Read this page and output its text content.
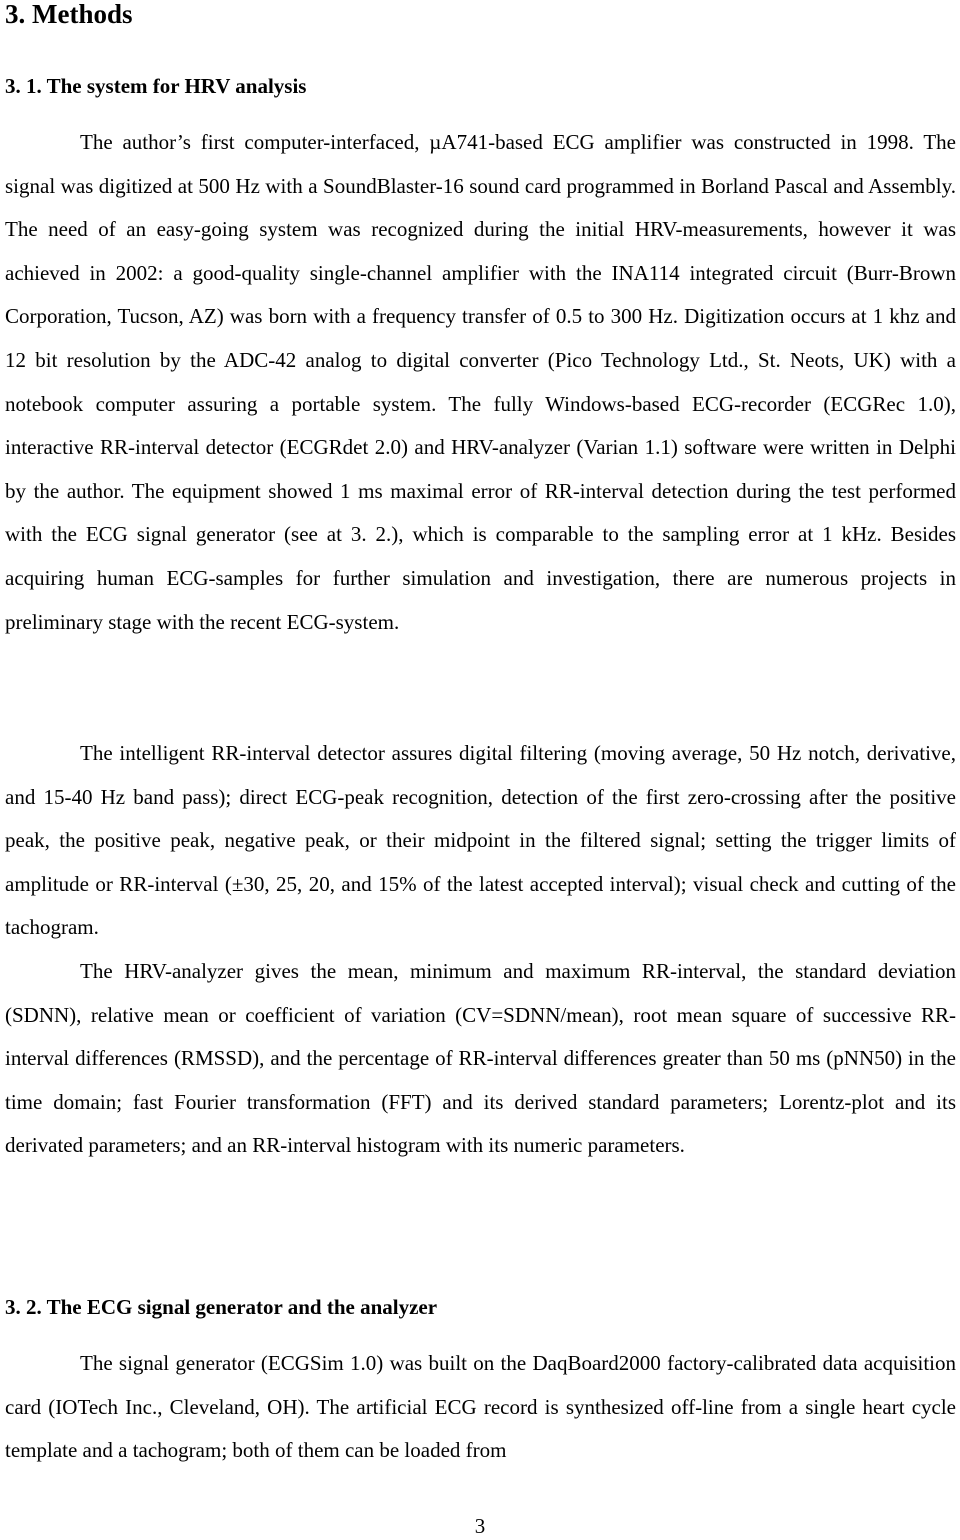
3. Methods
3. 1. The system for HRV analysis

The author’s first computer-interfaced, µA741-based ECG amplifier was constructed in 1998. The signal was digitized at 500 Hz with a SoundBlaster-16 sound card programmed in Borland Pascal and Assembly. The need of an easy-going system was recognized during the initial HRV-measurements, however it was achieved in 2002: a good-quality single-channel amplifier with the INA114 integrated circuit (Burr-Brown Corporation, Tucson, AZ) was born with a frequency transfer of 0.5 to 300 Hz. Digitization occurs at 1 khz and 12 bit resolution by the ADC-42 analog to digital converter (Pico Technology Ltd., St. Neots, UK) with a notebook computer assuring a portable system. The fully Windows-based ECG-recorder (ECGRec 1.0), interactive RR-interval detector (ECGRdet 2.0) and HRV-analyzer (Varian 1.1) software were written in Delphi by the author. The equipment showed 1 ms maximal error of RR-interval detection during the test performed with the ECG signal generator (see at 3. 2.), which is comparable to the sampling error at 1 kHz. Besides acquiring human ECG-samples for further simulation and investigation, there are numerous projects in preliminary stage with the recent ECG-system.

The intelligent RR-interval detector assures digital filtering (moving average, 50 Hz notch, derivative, and 15-40 Hz band pass); direct ECG-peak recognition, detection of the first zero-crossing after the positive peak, the positive peak, negative peak, or their midpoint in the filtered signal; setting the trigger limits of amplitude or RR-interval (±30, 25, 20, and 15% of the latest accepted interval); visual check and cutting of the tachogram.

The HRV-analyzer gives the mean, minimum and maximum RR-interval, the standard deviation (SDNN), relative mean or coefficient of variation (CV=SDNN/mean), root mean square of successive RR-interval differences (RMSSD), and the percentage of RR-interval differences greater than 50 ms (pNN50) in the time domain; fast Fourier transformation (FFT) and its derived standard parameters; Lorentz-plot and its derivated parameters; and an RR-interval histogram with its numeric parameters.

3. 2. The ECG signal generator and the analyzer

The signal generator (ECGSim 1.0) was built on the DaqBoard2000 factory-calibrated data acquisition card (IOTech Inc., Cleveland, OH). The artificial ECG record is synthesized off-line from a single heart cycle template and a tachogram; both of them can be loaded from

3
